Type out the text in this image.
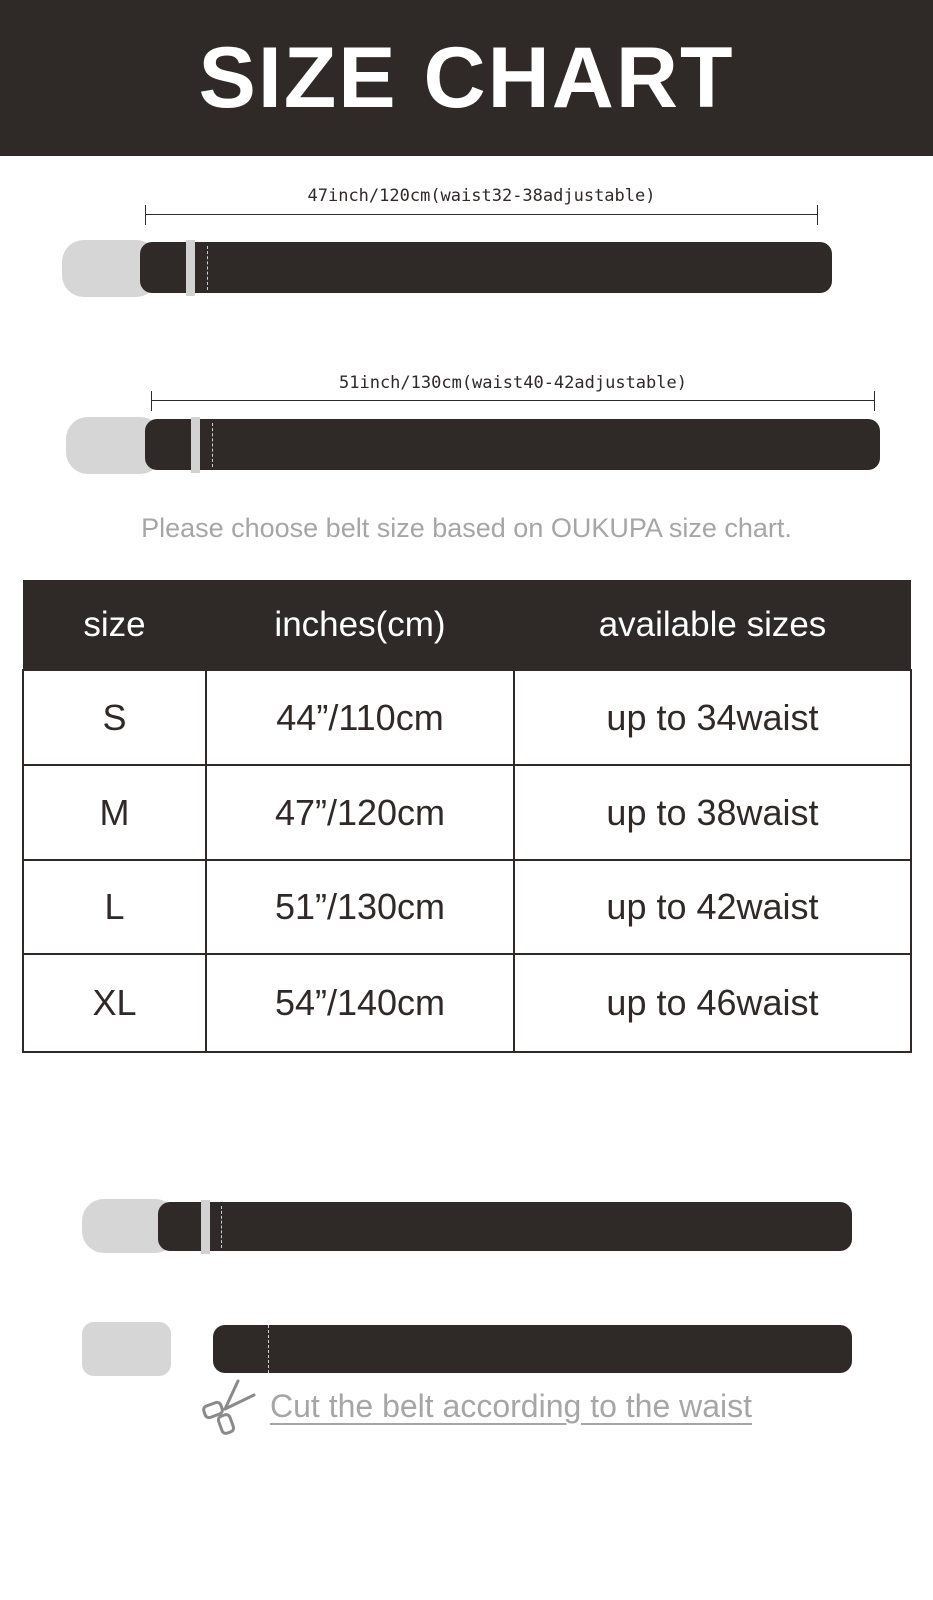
SIZE CHART
47inch/120cm(waist32-38adjustable)
51inch/130cm(waist40-42adjustable)
Please choose belt size based on OUKUPA size chart.
size	inches(cm)	available sizes
S	44”/110cm	up to 34waist
M	47”/120cm	up to 38waist
L	51”/130cm	up to 42waist
XL	54”/140cm	up to 46waist
Cut the belt according to the waist
